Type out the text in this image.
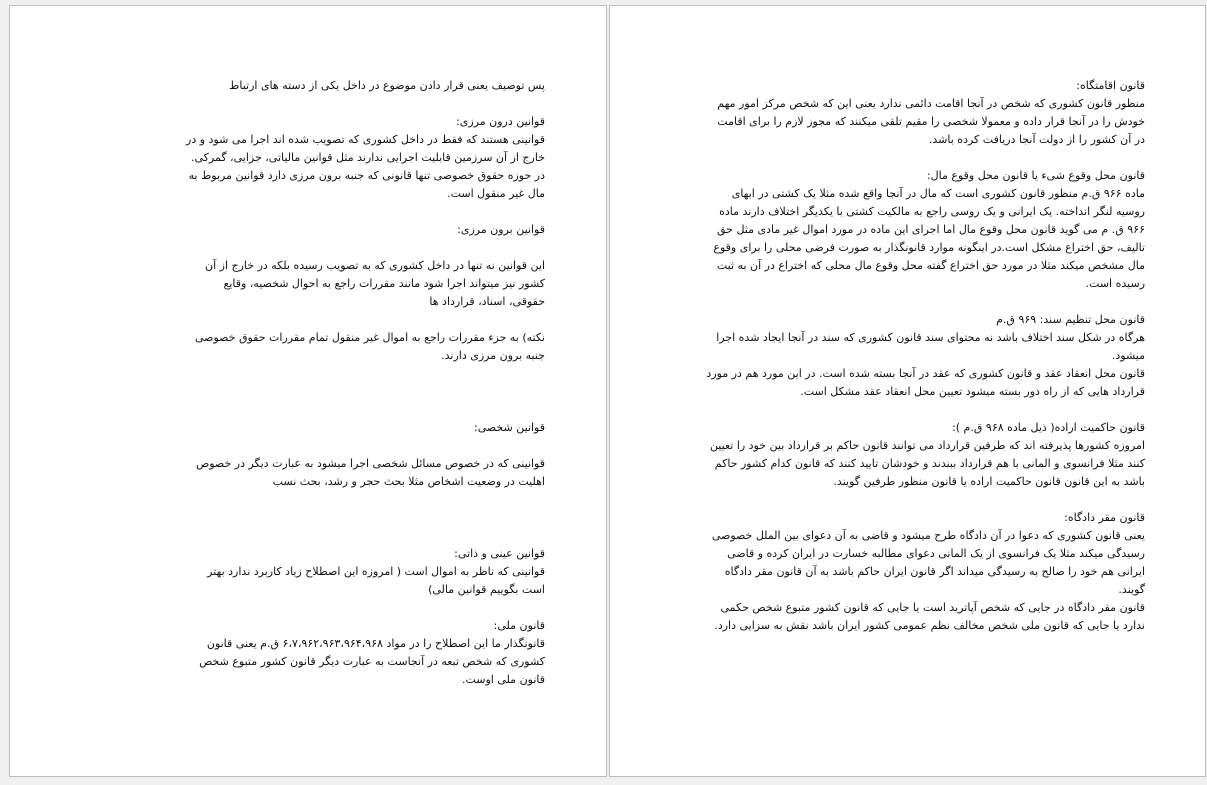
پس توصیف یعنی قرار دادن موضوع در داخل یکی از دسته های ارتباط

قوانین درون مرزی:

قوانینی هستند که فقط در داخل کشوری که تصویب شده اند اجرا می شود و در خارج از آن سرزمین قابلیت اجرایی ندارند مثل قوانین مالیاتی، جزایی، گمرکی. در حوزه حقوق خصوصی تنها قانونی که جنبه برون مرزی دارد قوانین مربوط به مال غیر منقول است.

قوانین برون مرزی:

این قوانین نه تنها در داخل کشوری که به تصویب رسیده بلکه در خارج از آن کشور نیز میتواند اجرا شود مانند مقررات راجع به احوال شخصیه، وقایع حقوقی، اسناد، قرارداد ها

نکته) به جزء مقررات راجع به اموال غیر منقول تمام مقررات حقوق خصوصی جنبه برون مرزی دارند.

قوانین شخصی:

قوانینی که در خصوص مسائل شخصی اجرا میشود به عبارت دیگر در خصوص اهلیت در وضعیت اشخاص مثلا بحث حجر و رشد، بحث نسب

قوانین عینی و ذاتی:

قوانینی که ناظر به اموال است ( امروزه این اصطلاح زیاد کاربرد ندارد بهتر است بگوییم قوانین مالی)

قانون ملی:

قانونگذار ما این اصطلاح را در مواد ۶،۷،۹۶۲،۹۶۳،۹۶۴،۹۶۸ ق.م یعنی قانون کشوری که شخص تبعه در آنجاست به عبارت دیگر قانون کشور متبوع شخص قانون ملی اوست.

قانون اقامتگاه:

منظور قانون کشوری که شخص در آنجا اقامت دائمی ندارد یعنی این که شخص مرکز امور مهم خودش را در آنجا قرار داده و معمولا شخصی را مقیم تلقی میکنند که مجوز لازم را برای اقامت در آن کشور را از دولت آنجا دریافت کرده باشد.

قانون محل وقوع شیء یا قانون محل وقوع مال:

ماده ۹۶۶ ق.م منظور قانون کشوری است که مال در آنجا واقع شده مثلا یک کشتی در ابهای روسیه لنگر انداخته. یک ایرانی و یک روسی راجع به مالکیت کشتی با یکدیگر اختلاف دارند ماده ۹۶۶ ق. م می گوید قانون محل وقوع مال اما اجرای این ماده در مورد اموال غیر مادی مثل حق تالیف، حق اختراع مشکل است.در اینگونه موارد قانونگذار به صورت فرضی محلی را برای وقوع مال مشخص میکند مثلا در مورد حق اختراع گفته محل وقوع مال محلی که اختراع در آن به ثبت رسیده است.

قانون محل تنظیم سند: ۹۶۹ ق.م

هرگاه در شکل سند اختلاف باشد نه محتوای سند قانون کشوری که سند در آنجا ایجاد شده اجرا میشود.

قانون محل انعقاد عقد و قانون کشوری که عقد در آنجا بسته شده است. در این مورد هم در مورد قرارداد هایی که از راه دور بسته میشود تعیین محل انعقاد عقد مشکل است.

قانون حاکمیت اراده( ذیل ماده ۹۶۸ ق.م ):

امروزه کشورها پذیرفته اند که طرفین قرارداد می توانند قانون حاکم بر قرارداد بین خود را تعیین کنند مثلا فرانسوی و المانی با هم قرارداد ببندند و خودشان تایید کنند که قانون کدام کشور حاکم باشد به این قانون قانون حاکمیت اراده یا قانون منظور طرفین گویند.

قانون مقر دادگاه:

یعنی قانون کشوری که دعوا در آن دادگاه طرح میشود و قاضی به آن دعوای بین الملل خصوصی رسیدگی میکند مثلا یک فرانسوی از یک المانی دعوای مطالبه خسارت در ایران کرده و قاضی ایرانی هم خود را صالح به رسیدگی میداند اگر قانون ایران حاکم باشد به آن قانون مقر دادگاه گویند.

قانون مقر دادگاه در جایی که شخص آپاترید است یا جایی که قانون کشور متبوع شخص حکمی ندارد یا جایی که قانون ملی شخص مخالف نظم عمومی کشور ایران باشد نقش به سزایی دارد.
